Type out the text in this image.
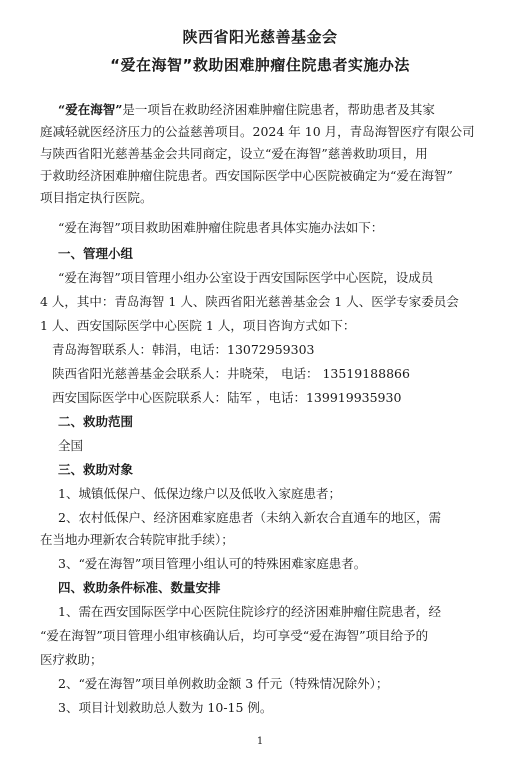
陕西省阳光慈善基金会
“爱在海智”救助困难肿瘤住院患者实施办法
“爱在海智”是一项旨在救助经济困难肿瘤住院患者，帮助患者及其家
庭减轻就医经济压力的公益慈善项目。2024 年 10 月，青岛海智医疗有限公司
与陕西省阳光慈善基金会共同商定，设立“爱在海智”慈善救助项目，用
于救助经济困难肿瘤住院患者。西安国际医学中心医院被确定为“爱在海智”
项目指定执行医院。
“爱在海智”项目救助困难肿瘤住院患者具体实施办法如下：
一、管理小组
“爱在海智”项目管理小组办公室设于西安国际医学中心医院，设成员
4 人，其中：青岛海智 1 人、陕西省阳光慈善基金会 1 人、医学专家委员会
1 人、西安国际医学中心医院 1 人，项目咨询方式如下：
青岛海智联系人：韩涓，电话：13072959303
陕西省阳光慈善基金会联系人：井晓荣， 电话： 13519188866
西安国际医学中心医院联系人：陆军 ，电话：139919935930
二、救助范围
全国
三、救助对象
1、城镇低保户、低保边缘户以及低收入家庭患者；
2、农村低保户、经济困难家庭患者（未纳入新农合直通车的地区，需
在当地办理新农合转院审批手续）；
3、“爱在海智”项目管理小组认可的特殊困难家庭患者。
四、救助条件标准、数量安排
1、需在西安国际医学中心医院住院诊疗的经济困难肿瘤住院患者，经
“爱在海智”项目管理小组审核确认后，均可享受“爱在海智”项目给予的
医疗救助；
2、“爱在海智”项目单例救助金额 3 仟元（特殊情况除外）；
3、项目计划救助总人数为 10-15 例。
1
